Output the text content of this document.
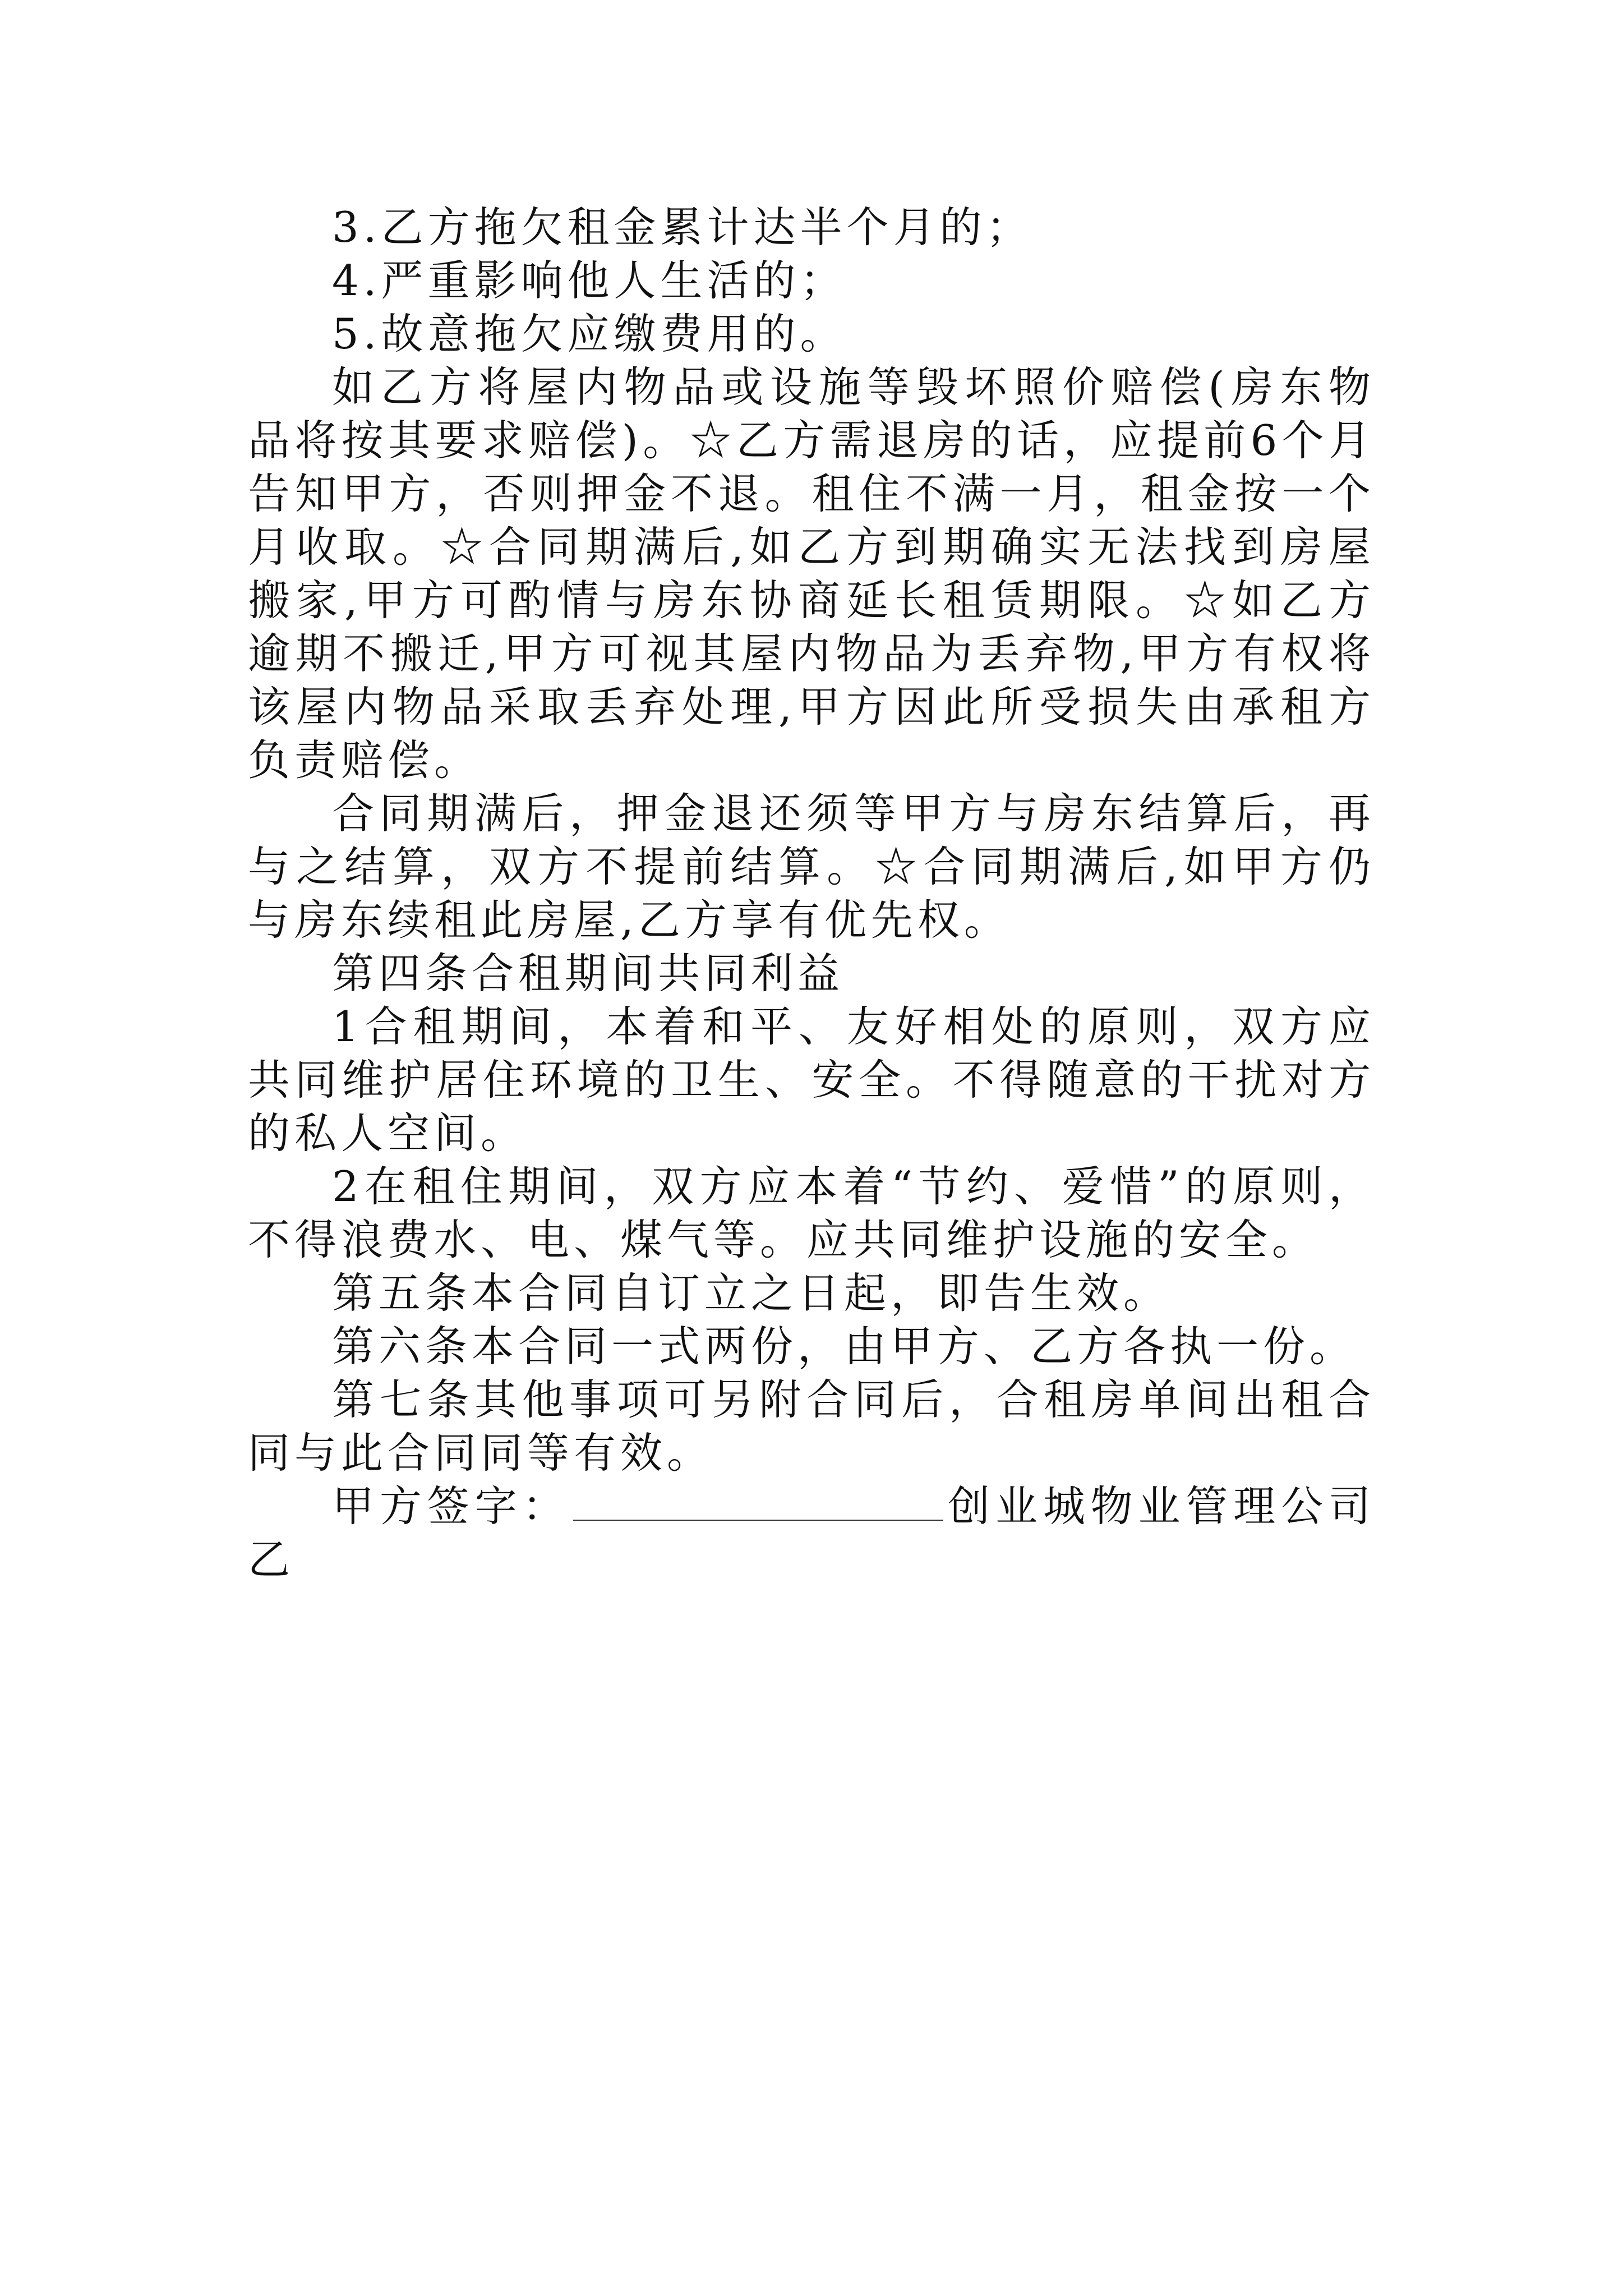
3.乙方拖欠租金累计达半个月的；

4.严重影响他人生活的；

5.故意拖欠应缴费用的。

如乙方将屋内物品或设施等毁坏照价赔偿(房东物品将按其要求赔偿)。☆乙方需退房的话，应提前6个月告知甲方，否则押金不退。租住不满一月，租金按一个月收取。☆合同期满后,如乙方到期确实无法找到房屋搬家,甲方可酌情与房东协商延长租赁期限。☆如乙方逾期不搬迁,甲方可视其屋内物品为丢弃物,甲方有权将该屋内物品采取丢弃处理,甲方因此所受损失由承租方负责赔偿。

合同期满后，押金退还须等甲方与房东结算后，再与之结算，双方不提前结算。☆合同期满后,如甲方仍与房东续租此房屋,乙方享有优先权。

第四条合租期间共同利益

1合租期间，本着和平、友好相处的原则，双方应共同维护居住环境的卫生、安全。不得随意的干扰对方的私人空间。

2在租住期间，双方应本着“节约、爱惜”的原则，不得浪费水、电、煤气等。应共同维护设施的安全。

第五条本合同自订立之日起，即告生效。

第六条本合同一式两份，由甲方、乙方各执一份。

第七条其他事项可另附合同后，合租房单间出租合同与此合同同等有效。

甲方签字：	创业城物业管理公司乙
